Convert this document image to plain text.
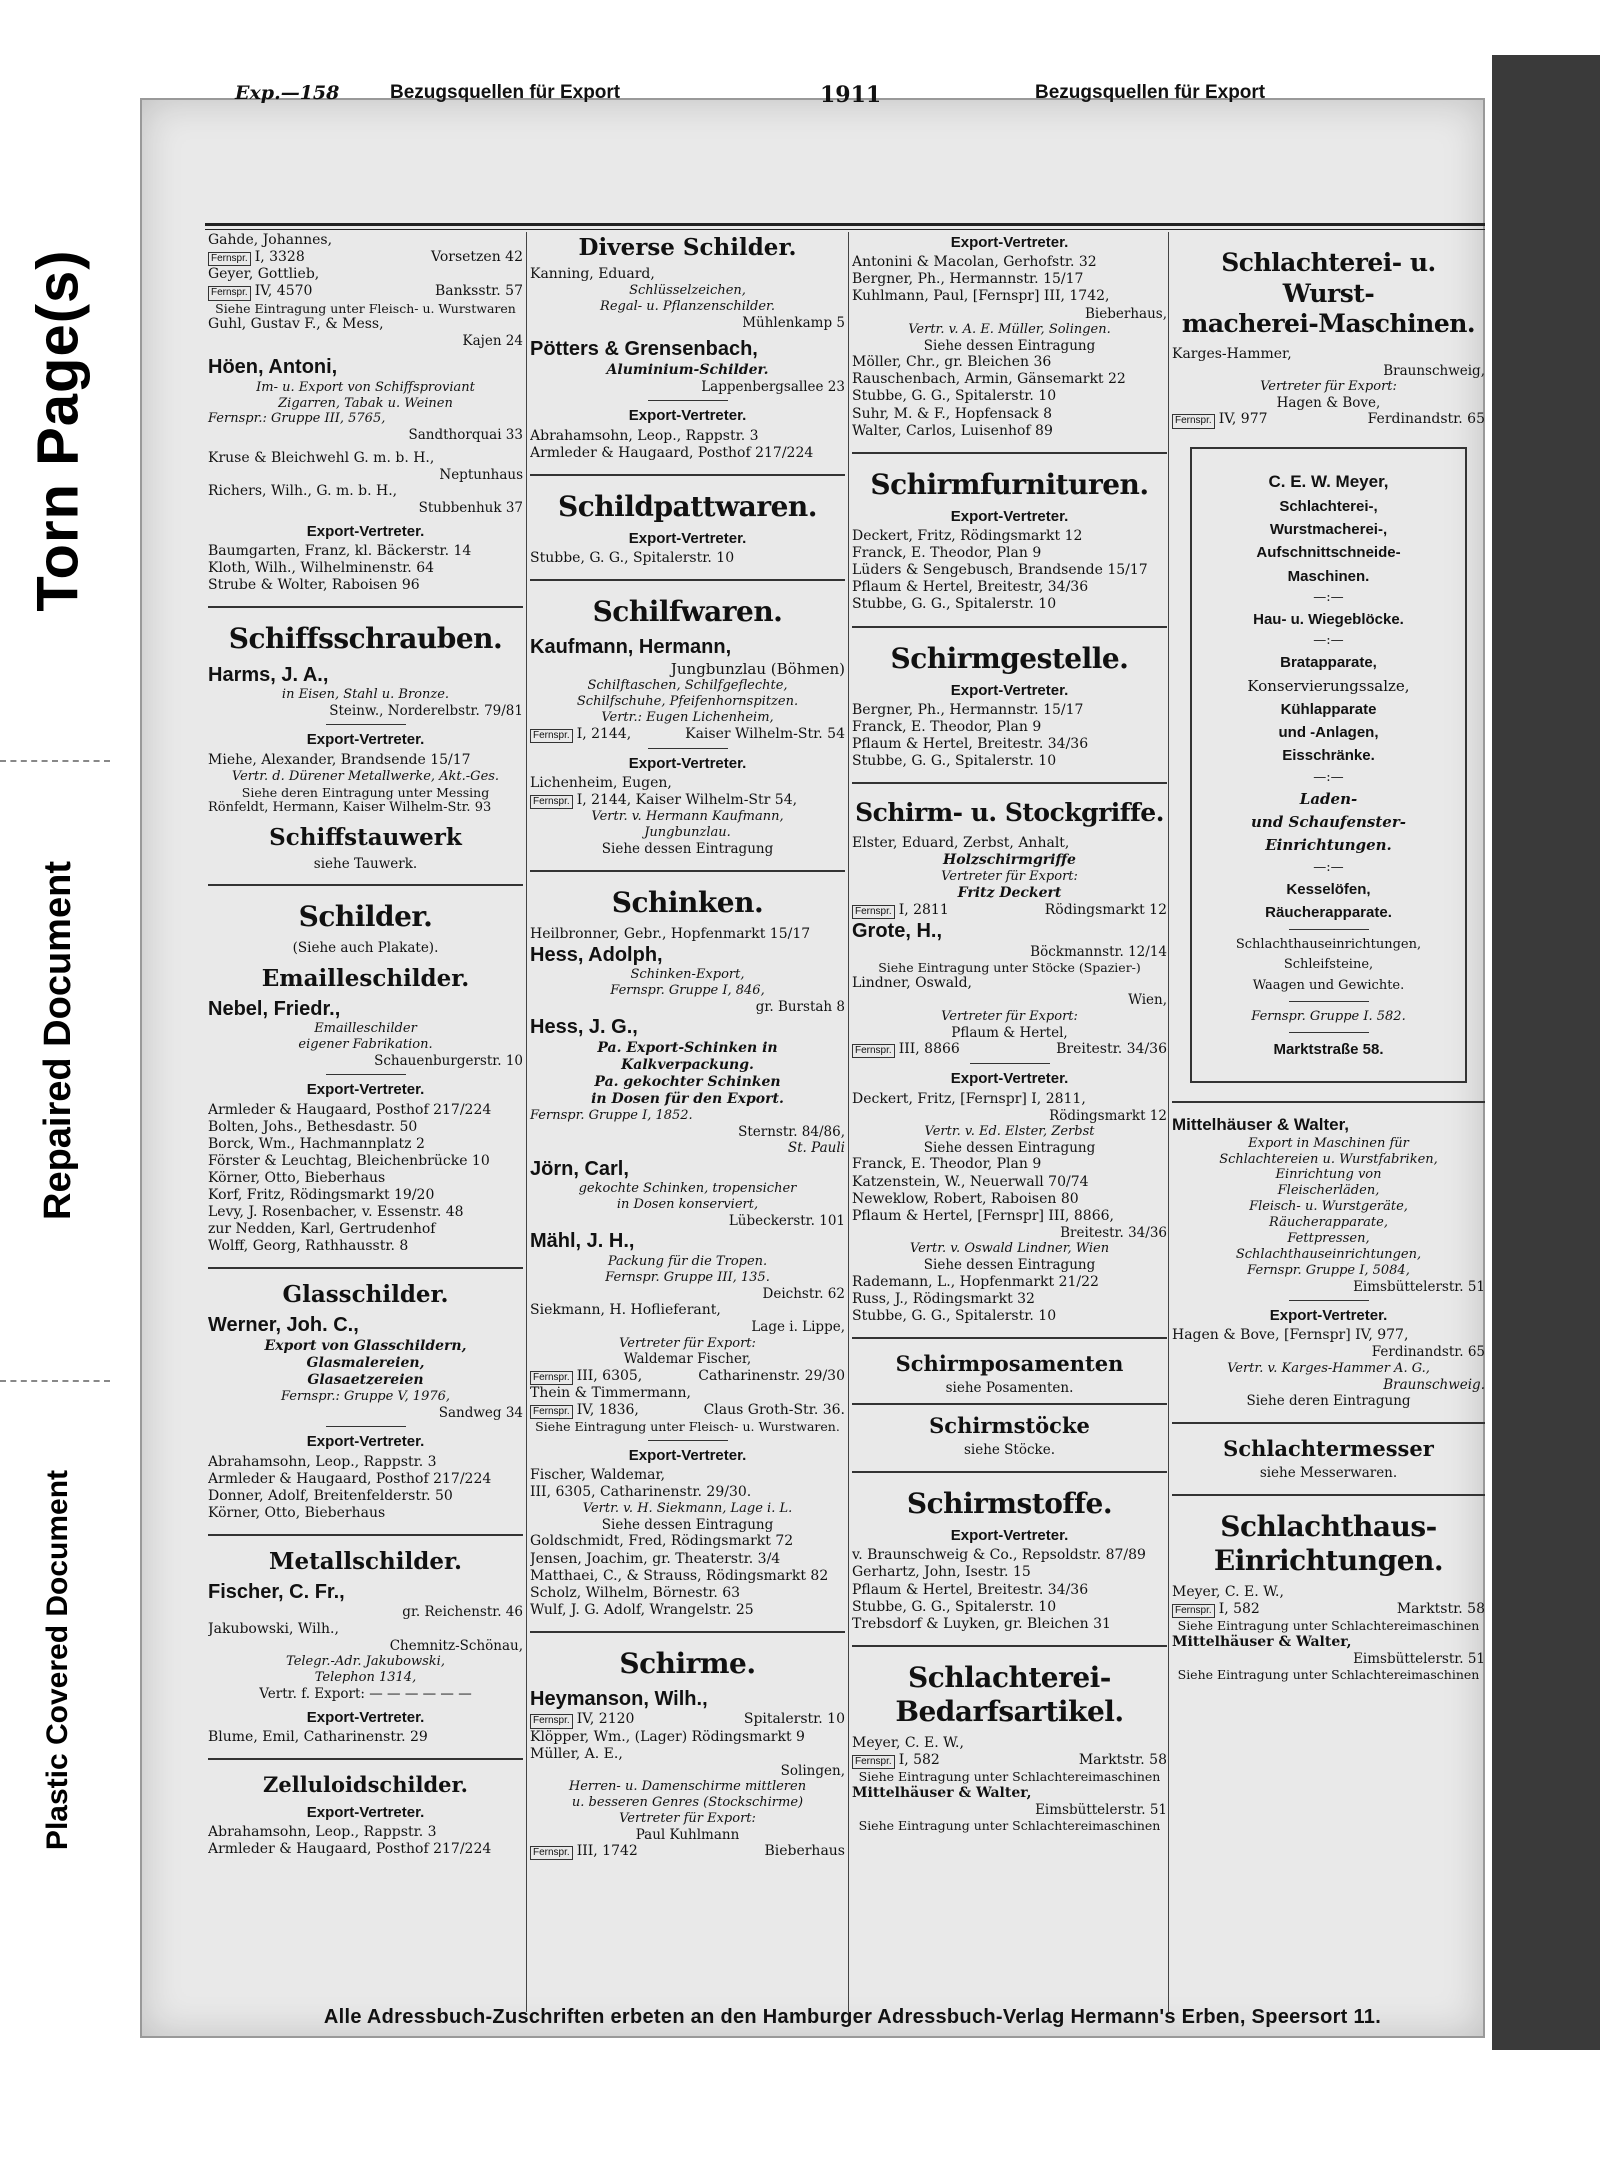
Torn Page(s)
Repaired Document
Plastic Covered Document
Exp.—158	Bezugsquellen für Export	1911	Bezugsquellen für Export
Gahde, Johannes,
Fernspr. I, 3328	Vorsetzen 42
Geyer, Gottlieb,
Fernspr. IV, 4570	Banksstr. 57
Siehe Eintragung unter Fleisch- u. Wurstwaren
Guhl, Gustav F., & Mess,
Kajen 24
Höen, Antoni,
Im- u. Export von Schiffsproviant
Zigarren, Tabak u. Weinen
Fernspr.: Gruppe III, 5765,
Sandthorquai 33
Kruse & Bleichwehl G. m. b. H.,
Neptunhaus
Richers, Wilh., G. m. b. H.,
Stubbenhuk 37
Export-Vertreter.
Baumgarten, Franz, kl. Bäckerstr. 14
Kloth, Wilh., Wilhelminenstr. 64
Strube & Wolter, Raboisen 96
Schiffsschrauben.
Harms, J. A.,
in Eisen, Stahl u. Bronze.
Steinw., Norderelbstr. 79/81
Export-Vertreter.
Miehe, Alexander, Brandsende 15/17
Vertr. d. Dürener Metallwerke, Akt.-Ges.
Siehe deren Eintragung unter Messing
Rönfeldt, Hermann, Kaiser Wilhelm-Str. 93
Schiffstauwerk
siehe Tauwerk.
Schilder.
(Siehe auch Plakate).
Emailleschilder.
Nebel, Friedr.,
Emailleschilder
eigener Fabrikation.
Schauenburgerstr. 10
Export-Vertreter.
Armleder & Haugaard, Posthof 217/224
Bolten, Johs., Bethesdastr. 50
Borck, Wm., Hachmannplatz 2
Förster & Leuchtag, Bleichenbrücke 10
Körner, Otto, Bieberhaus
Korf, Fritz, Rödingsmarkt 19/20
Levy, J. Rosenbacher, v. Essenstr. 48
zur Nedden, Karl, Gertrudenhof
Wolff, Georg, Rathhausstr. 8
Glasschilder.
Werner, Joh. C.,
Export von Glasschildern,
Glasmalereien,
Glasaetzereien
Fernspr.: Gruppe V, 1976,
Sandweg 34
Export-Vertreter.
Abrahamsohn, Leop., Rappstr. 3
Armleder & Haugaard, Posthof 217/224
Donner, Adolf, Breitenfelderstr. 50
Körner, Otto, Bieberhaus
Metallschilder.
Fischer, C. Fr.,
gr. Reichenstr. 46
Jakubowski, Wilh.,
Chemnitz-Schönau,
Telegr.-Adr. Jakubowski,
Telephon 1314,
Vertr. f. Export: — — — — — —
Export-Vertreter.
Blume, Emil, Catharinenstr. 29
Zelluloidschilder.
Export-Vertreter.
Abrahamsohn, Leop., Rappstr. 3
Armleder & Haugaard, Posthof 217/224
Diverse Schilder.
Kanning, Eduard,
Schlüsselzeichen,
Regal- u. Pflanzenschilder.
Mühlenkamp 5
Pötters & Grensenbach,
Aluminium-Schilder.
Lappenbergsallee 23
Export-Vertreter.
Abrahamsohn, Leop., Rappstr. 3
Armleder & Haugaard, Posthof 217/224
Schildpattwaren.
Export-Vertreter.
Stubbe, G. G., Spitalerstr. 10
Schilfwaren.
Kaufmann, Hermann,
Jungbunzlau (Böhmen)
Schilftaschen, Schilfgeflechte,
Schilfschuhe, Pfeifenhornspitzen.
Vertr.: Eugen Lichenheim,
Fernspr. I, 2144,	Kaiser Wilhelm-Str. 54
Export-Vertreter.
Lichenheim, Eugen,
Fernspr. I, 2144, Kaiser Wilhelm-Str 54,
Vertr. v. Hermann Kaufmann,
Jungbunzlau.
Siehe dessen Eintragung
Schinken.
Heilbronner, Gebr., Hopfenmarkt 15/17
Hess, Adolph,
Schinken-Export,
Fernspr. Gruppe I, 846,
gr. Burstah 8
Hess, J. G.,
Pa. Export-Schinken in
Kalkverpackung.
Pa. gekochter Schinken
in Dosen für den Export.
Fernspr. Gruppe I, 1852.
Sternstr. 84/86,
St. Pauli
Jörn, Carl,
gekochte Schinken, tropensicher
in Dosen konserviert,
Lübeckerstr. 101
Mähl, J. H.,
Packung für die Tropen.
Fernspr. Gruppe III, 135.
Deichstr. 62
Siekmann, H. Hoflieferant,
Lage i. Lippe,
Vertreter für Export:
Waldemar Fischer,
Fernspr. III, 6305,	Catharinenstr. 29/30
Thein & Timmermann,
Fernspr. IV, 1836,	Claus Groth-Str. 36.
Siehe Eintragung unter Fleisch- u. Wurstwaren.
Export-Vertreter.
Fischer, Waldemar,
III, 6305, Catharinenstr. 29/30.
Vertr. v. H. Siekmann, Lage i. L.
Siehe dessen Eintragung
Goldschmidt, Fred, Rödingsmarkt 72
Jensen, Joachim, gr. Theaterstr. 3/4
Matthaei, C., & Strauss, Rödingsmarkt 82
Scholz, Wilhelm, Börnestr. 63
Wulf, J. G. Adolf, Wrangelstr. 25
Schirme.
Heymanson, Wilh.,
Fernspr. IV, 2120	Spitalerstr. 10
Klöpper, Wm., (Lager) Rödingsmarkt 9
Müller, A. E.,
Solingen,
Herren- u. Damenschirme mittleren
u. besseren Genres (Stockschirme)
Vertreter für Export:
Paul Kuhlmann
Fernspr. III, 1742	Bieberhaus
Export-Vertreter.
Antonini & Macolan, Gerhofstr. 32
Bergner, Ph., Hermannstr. 15/17
Kuhlmann, Paul, [Fernspr] III, 1742,
Bieberhaus,
Vertr. v. A. E. Müller, Solingen.
Siehe dessen Eintragung
Möller, Chr., gr. Bleichen 36
Rauschenbach, Armin, Gänsemarkt 22
Stubbe, G. G., Spitalerstr. 10
Suhr, M. & F., Hopfensack 8
Walter, Carlos, Luisenhof 89
Schirmfurnituren.
Export-Vertreter.
Deckert, Fritz, Rödingsmarkt 12
Franck, E. Theodor, Plan 9
Lüders & Sengebusch, Brandsende 15/17
Pflaum & Hertel, Breitestr, 34/36
Stubbe, G. G., Spitalerstr. 10
Schirmgestelle.
Export-Vertreter.
Bergner, Ph., Hermannstr. 15/17
Franck, E. Theodor, Plan 9
Pflaum & Hertel, Breitestr. 34/36
Stubbe, G. G., Spitalerstr. 10
Schirm- u. Stockgriffe.
Elster, Eduard, Zerbst, Anhalt,
Holzschirmgriffe
Vertreter für Export:
Fritz Deckert
Fernspr. I, 2811	Rödingsmarkt 12
Grote, H.,
Böckmannstr. 12/14
Siehe Eintragung unter Stöcke (Spazier-)
Lindner, Oswald,
Wien,
Vertreter für Export:
Pflaum & Hertel,
Fernspr. III, 8866	Breitestr. 34/36
Export-Vertreter.
Deckert, Fritz, [Fernspr] I, 2811,
Rödingsmarkt 12
Vertr. v. Ed. Elster, Zerbst
Siehe dessen Eintragung
Franck, E. Theodor, Plan 9
Katzenstein, W., Neuerwall 70/74
Neweklow, Robert, Raboisen 80
Pflaum & Hertel, [Fernspr] III, 8866,
Breitestr. 34/36
Vertr. v. Oswald Lindner, Wien
Siehe dessen Eintragung
Rademann, L., Hopfenmarkt 21/22
Russ, J., Rödingsmarkt 32
Stubbe, G. G., Spitalerstr. 10
Schirmposamenten
siehe Posamenten.
Schirmstöcke
siehe Stöcke.
Schirmstoffe.
Export-Vertreter.
v. Braunschweig & Co., Repsoldstr. 87/89
Gerhartz, John, Isestr. 15
Pflaum & Hertel, Breitestr. 34/36
Stubbe, G. G., Spitalerstr. 10
Trebsdorf & Luyken, gr. Bleichen 31
Schlachterei-
Bedarfsartikel.
Meyer, C. E. W.,
Fernspr. I, 582	Marktstr. 58
Siehe Eintragung unter Schlachtereimaschinen
Mittelhäuser & Walter,
Eimsbüttelerstr. 51
Siehe Eintragung unter Schlachtereimaschinen
Schlachterei- u. Wurst-
macherei-Maschinen.
Karges-Hammer,
Braunschweig,
Vertreter für Export:
Hagen & Bove,
Fernspr. IV, 977	Ferdinandstr. 65
C. E. W. Meyer,
Schlachterei-,
Wurstmacherei-,
Aufschnittschneide-
Maschinen.
—:—
Hau- u. Wiegeblöcke.
—:—
Bratapparate,
Konservierungssalze,
Kühlapparate
und -Anlagen,
Eisschränke.
—:—
Laden-
und Schaufenster-
Einrichtungen.
—:—
Kesselöfen,
Räucherapparate.
Schlachthauseinrichtungen,
Schleifsteine,
Waagen und Gewichte.
Fernspr. Gruppe I. 582.
Marktstraße 58.
Mittelhäuser & Walter,
Export in Maschinen für
Schlachtereien u. Wurstfabriken,
Einrichtung von
Fleischerläden,
Fleisch- u. Wurstgeräte,
Räucherapparate,
Fettpressen,
Schlachthauseinrichtungen,
Fernspr. Gruppe I, 5084,
Eimsbüttelerstr. 51
Export-Vertreter.
Hagen & Bove, [Fernspr] IV, 977,
Ferdinandstr. 65
Vertr. v. Karges-Hammer A. G.,
Braunschweig.
Siehe deren Eintragung
Schlachtermesser
siehe Messerwaren.
Schlachthaus-
Einrichtungen.
Meyer, C. E. W.,
Fernspr. I, 582	Marktstr. 58
Siehe Eintragung unter Schlachtereimaschinen
Mittelhäuser & Walter,
Eimsbüttelerstr. 51
Siehe Eintragung unter Schlachtereimaschinen
Alle Adressbuch-Zuschriften erbeten an den Hamburger Adressbuch-Verlag Hermann's Erben, Speersort 11.
